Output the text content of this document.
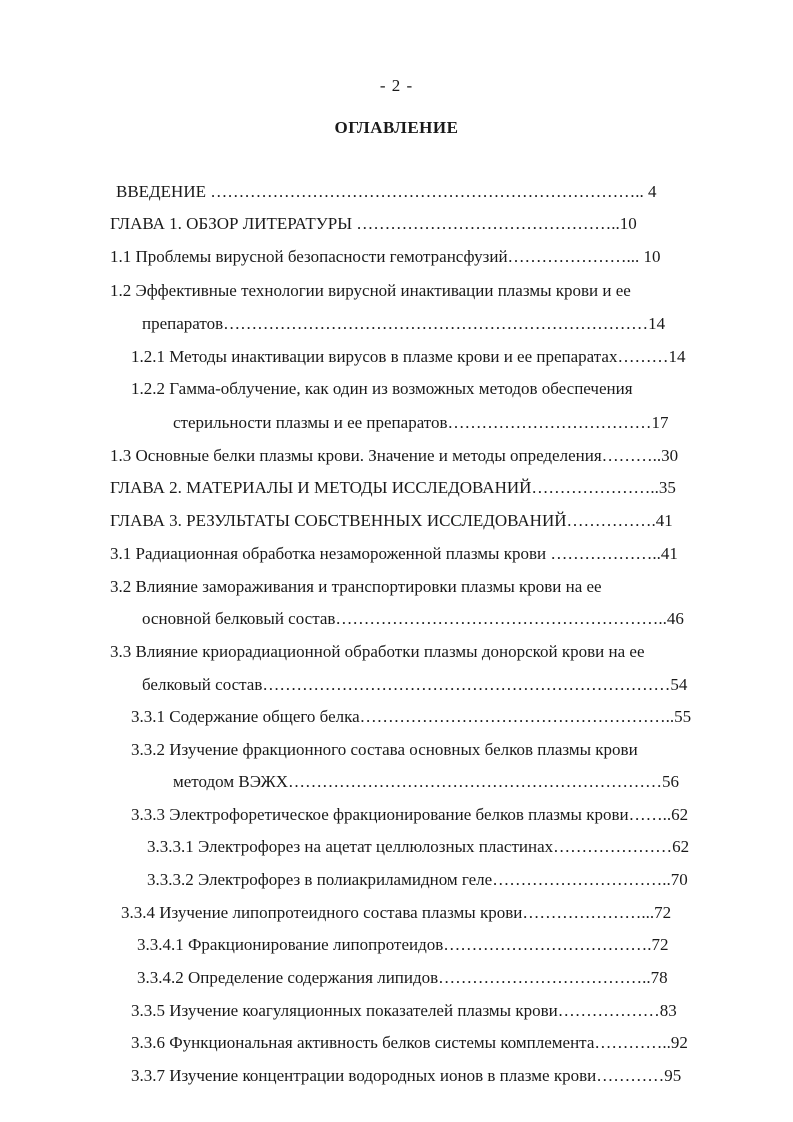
- 2 -
ОГЛАВЛЕНИЕ
ВВЕДЕНИЕ ………………………………………………………………….. 4
ГЛАВА 1. ОБЗОР ЛИТЕРАТУРЫ ………………………………………..10
1.1 Проблемы вирусной безопасности гемотрансфузий…………………... 10
1.2 Эффективные технологии вирусной инактивации плазмы крови и ее
препаратов…………………………………………………………………14
1.2.1 Методы инактивации вирусов в плазме крови и ее препаратах………14
1.2.2 Гамма-облучение, как один из возможных методов обеспечения
стерильности плазмы и ее препаратов………………………………17
1.3 Основные белки плазмы крови. Значение и методы определения………..30
ГЛАВА 2. МАТЕРИАЛЫ И МЕТОДЫ ИССЛЕДОВАНИЙ…………………..35
ГЛАВА 3. РЕЗУЛЬТАТЫ СОБСТВЕННЫХ ИССЛЕДОВАНИЙ…………….41
3.1 Радиационная обработка незамороженной плазмы крови ………………..41
3.2 Влияние замораживания и транспортировки плазмы крови на ее
основной белковый состав…………………………………………………..46
3.3 Влияние криорадиационной обработки плазмы донорской крови на ее
белковый состав………………………………………………………………54
3.3.1 Содержание общего белка………………………………………………..55
3.3.2 Изучение фракционного состава основных белков плазмы крови
методом ВЭЖХ…………………………………………………………56
3.3.3 Электрофоретическое фракционирование белков плазмы крови……..62
3.3.3.1 Электрофорез на ацетат целлюлозных пластинах…………………62
3.3.3.2 Электрофорез в полиакриламидном геле…………………………..70
3.3.4 Изучение липопротеидного состава плазмы крови…………………...72
3.3.4.1 Фракционирование липопротеидов……………………………….72
3.3.4.2 Определение содержания липидов………………………………..78
3.3.5 Изучение коагуляционных показателей плазмы крови………………83
3.3.6 Функциональная активность белков системы комплемента…………..92
3.3.7 Изучение концентрации водородных ионов в плазме крови…………95
